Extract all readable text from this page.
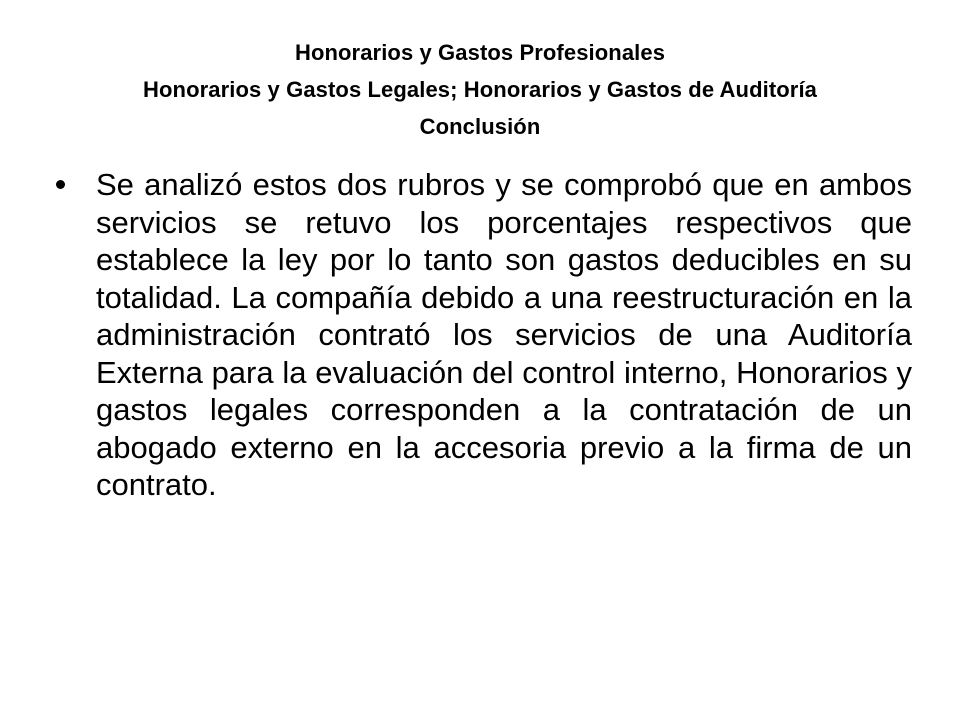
Honorarios y Gastos Profesionales
Honorarios y Gastos Legales; Honorarios y Gastos de Auditoría
Conclusión
Se analizó estos dos rubros y se comprobó que en ambos servicios se retuvo los porcentajes respectivos que establece la ley por lo tanto son gastos deducibles en su totalidad. La compañía debido a una reestructuración en la administración contrató los servicios de una Auditoría Externa para la evaluación del control interno, Honorarios y gastos legales corresponden a la contratación de un abogado externo en la accesoria previo a la firma de un contrato.
